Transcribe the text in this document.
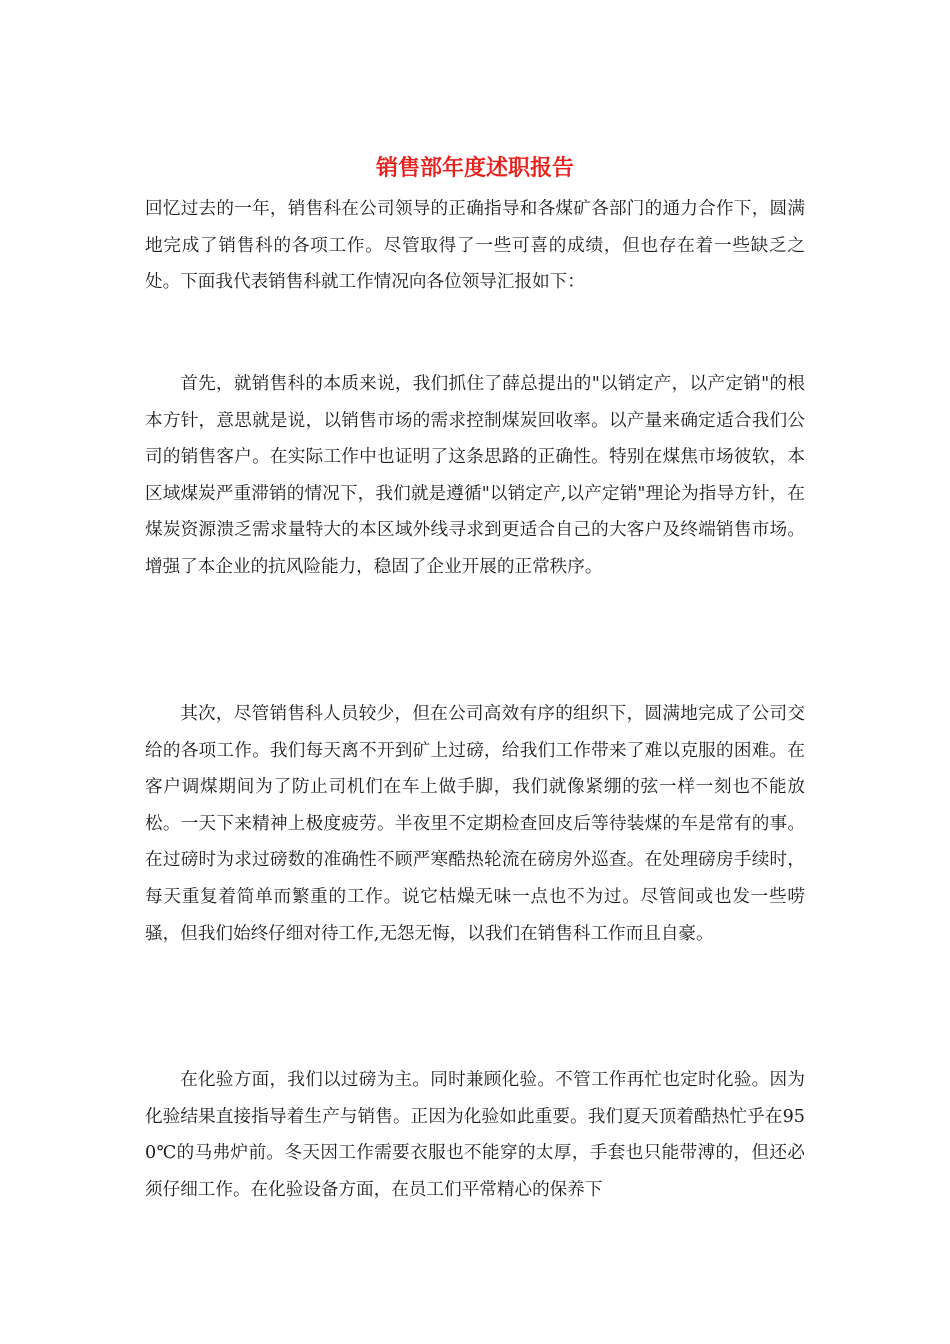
销售部年度述职报告

回忆过去的一年，销售科在公司领导的正确指导和各煤矿各部门的通力合作下，圆满地完成了销售科的各项工作。尽管取得了一些可喜的成绩，但也存在着一些缺乏之处。下面我代表销售科就工作情况向各位领导汇报如下：

首先，就销售科的本质来说，我们抓住了薛总提出的"以销定产，以产定销"的根本方针，意思就是说，以销售市场的需求控制煤炭回收率。以产量来确定适合我们公司的销售客户。在实际工作中也证明了这条思路的正确性。特别在煤焦市场彼软，本区域煤炭严重滞销的情况下，我们就是遵循"以销定产,以产定销"理论为指导方针，在煤炭资源溃乏需求量特大的本区域外线寻求到更适合自己的大客户及终端销售市场。增强了本企业的抗风险能力，稳固了企业开展的正常秩序。

其次，尽管销售科人员较少，但在公司高效有序的组织下，圆满地完成了公司交给的各项工作。我们每天离不开到矿上过磅，给我们工作带来了难以克服的困难。在客户调煤期间为了防止司机们在车上做手脚，我们就像紧绷的弦一样一刻也不能放松。一天下来精神上极度疲劳。半夜里不定期检查回皮后等待装煤的车是常有的事。在过磅时为求过磅数的准确性不顾严寒酷热轮流在磅房外巡查。在处理磅房手续时，每天重复着简单而繁重的工作。说它枯燥无味一点也不为过。尽管间或也发一些唠骚，但我们始终仔细对待工作,无怨无悔，以我们在销售科工作而且自豪。

在化验方面，我们以过磅为主。同时兼顾化验。不管工作再忙也定时化验。因为化验结果直接指导着生产与销售。正因为化验如此重要。我们夏天顶着酷热忙乎在950℃的马弗炉前。冬天因工作需要衣服也不能穿的太厚，手套也只能带溥的，但还必须仔细工作。在化验设备方面，在员工们平常精心的保养下
